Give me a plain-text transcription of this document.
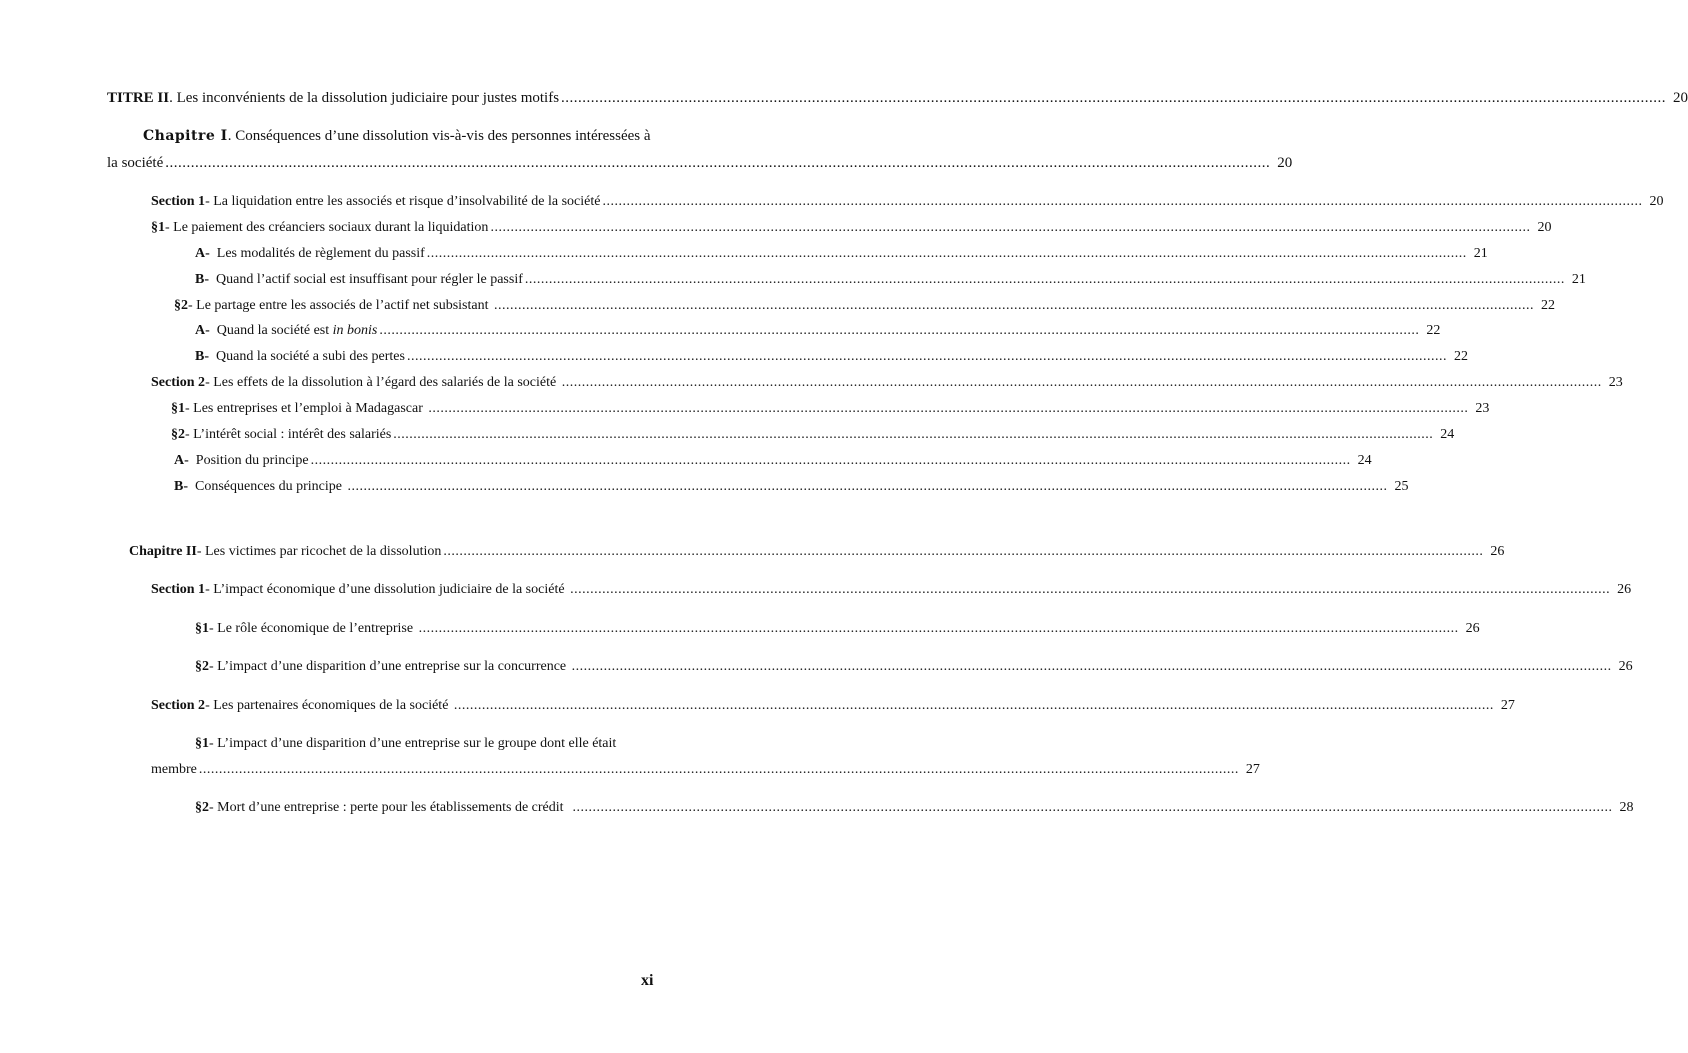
TITRE II. Les inconvénients de la dissolution judiciaire pour justes motifs .....	20
Chapitre I. Conséquences d’une dissolution vis-à-vis des personnes intéressées à
la société .....	20
Section 1- La liquidation entre les associés et risque d’insolvabilité de la société .....	20
§1- Le paiement des créanciers sociaux durant la liquidation .....	20
A- Les modalités de règlement du passif .....	21
B- Quand l’actif social est insuffisant pour régler le passif .....	21
§2- Le partage entre les associés de l’actif net subsistant .....	22
A- Quand la société est in bonis .....	22
B- Quand la société a subi des pertes .....	22
Section 2- Les effets de la dissolution à l’égard des salariés de la société .....	23
§1- Les entreprises et l’emploi à Madagascar .....	23
§2- L’intérêt social : intérêt des salariés .....	24
A- Position du principe .....	24
B- Conséquences du principe .....	25
Chapitre II- Les victimes par ricochet de la dissolution .....	26
Section 1- L’impact économique d’une dissolution judiciaire de la société .....	26
§1- Le rôle économique de l’entreprise .....	26
§2- L’impact d’une disparition d’une entreprise sur la concurrence .....	26
Section 2- Les partenaires économiques de la société .....	27
§1- L’impact d’une disparition d’une entreprise sur le groupe dont elle était
membre .....	27
§2- Mort d’une entreprise : perte pour les établissements de crédit .....	28
xi
